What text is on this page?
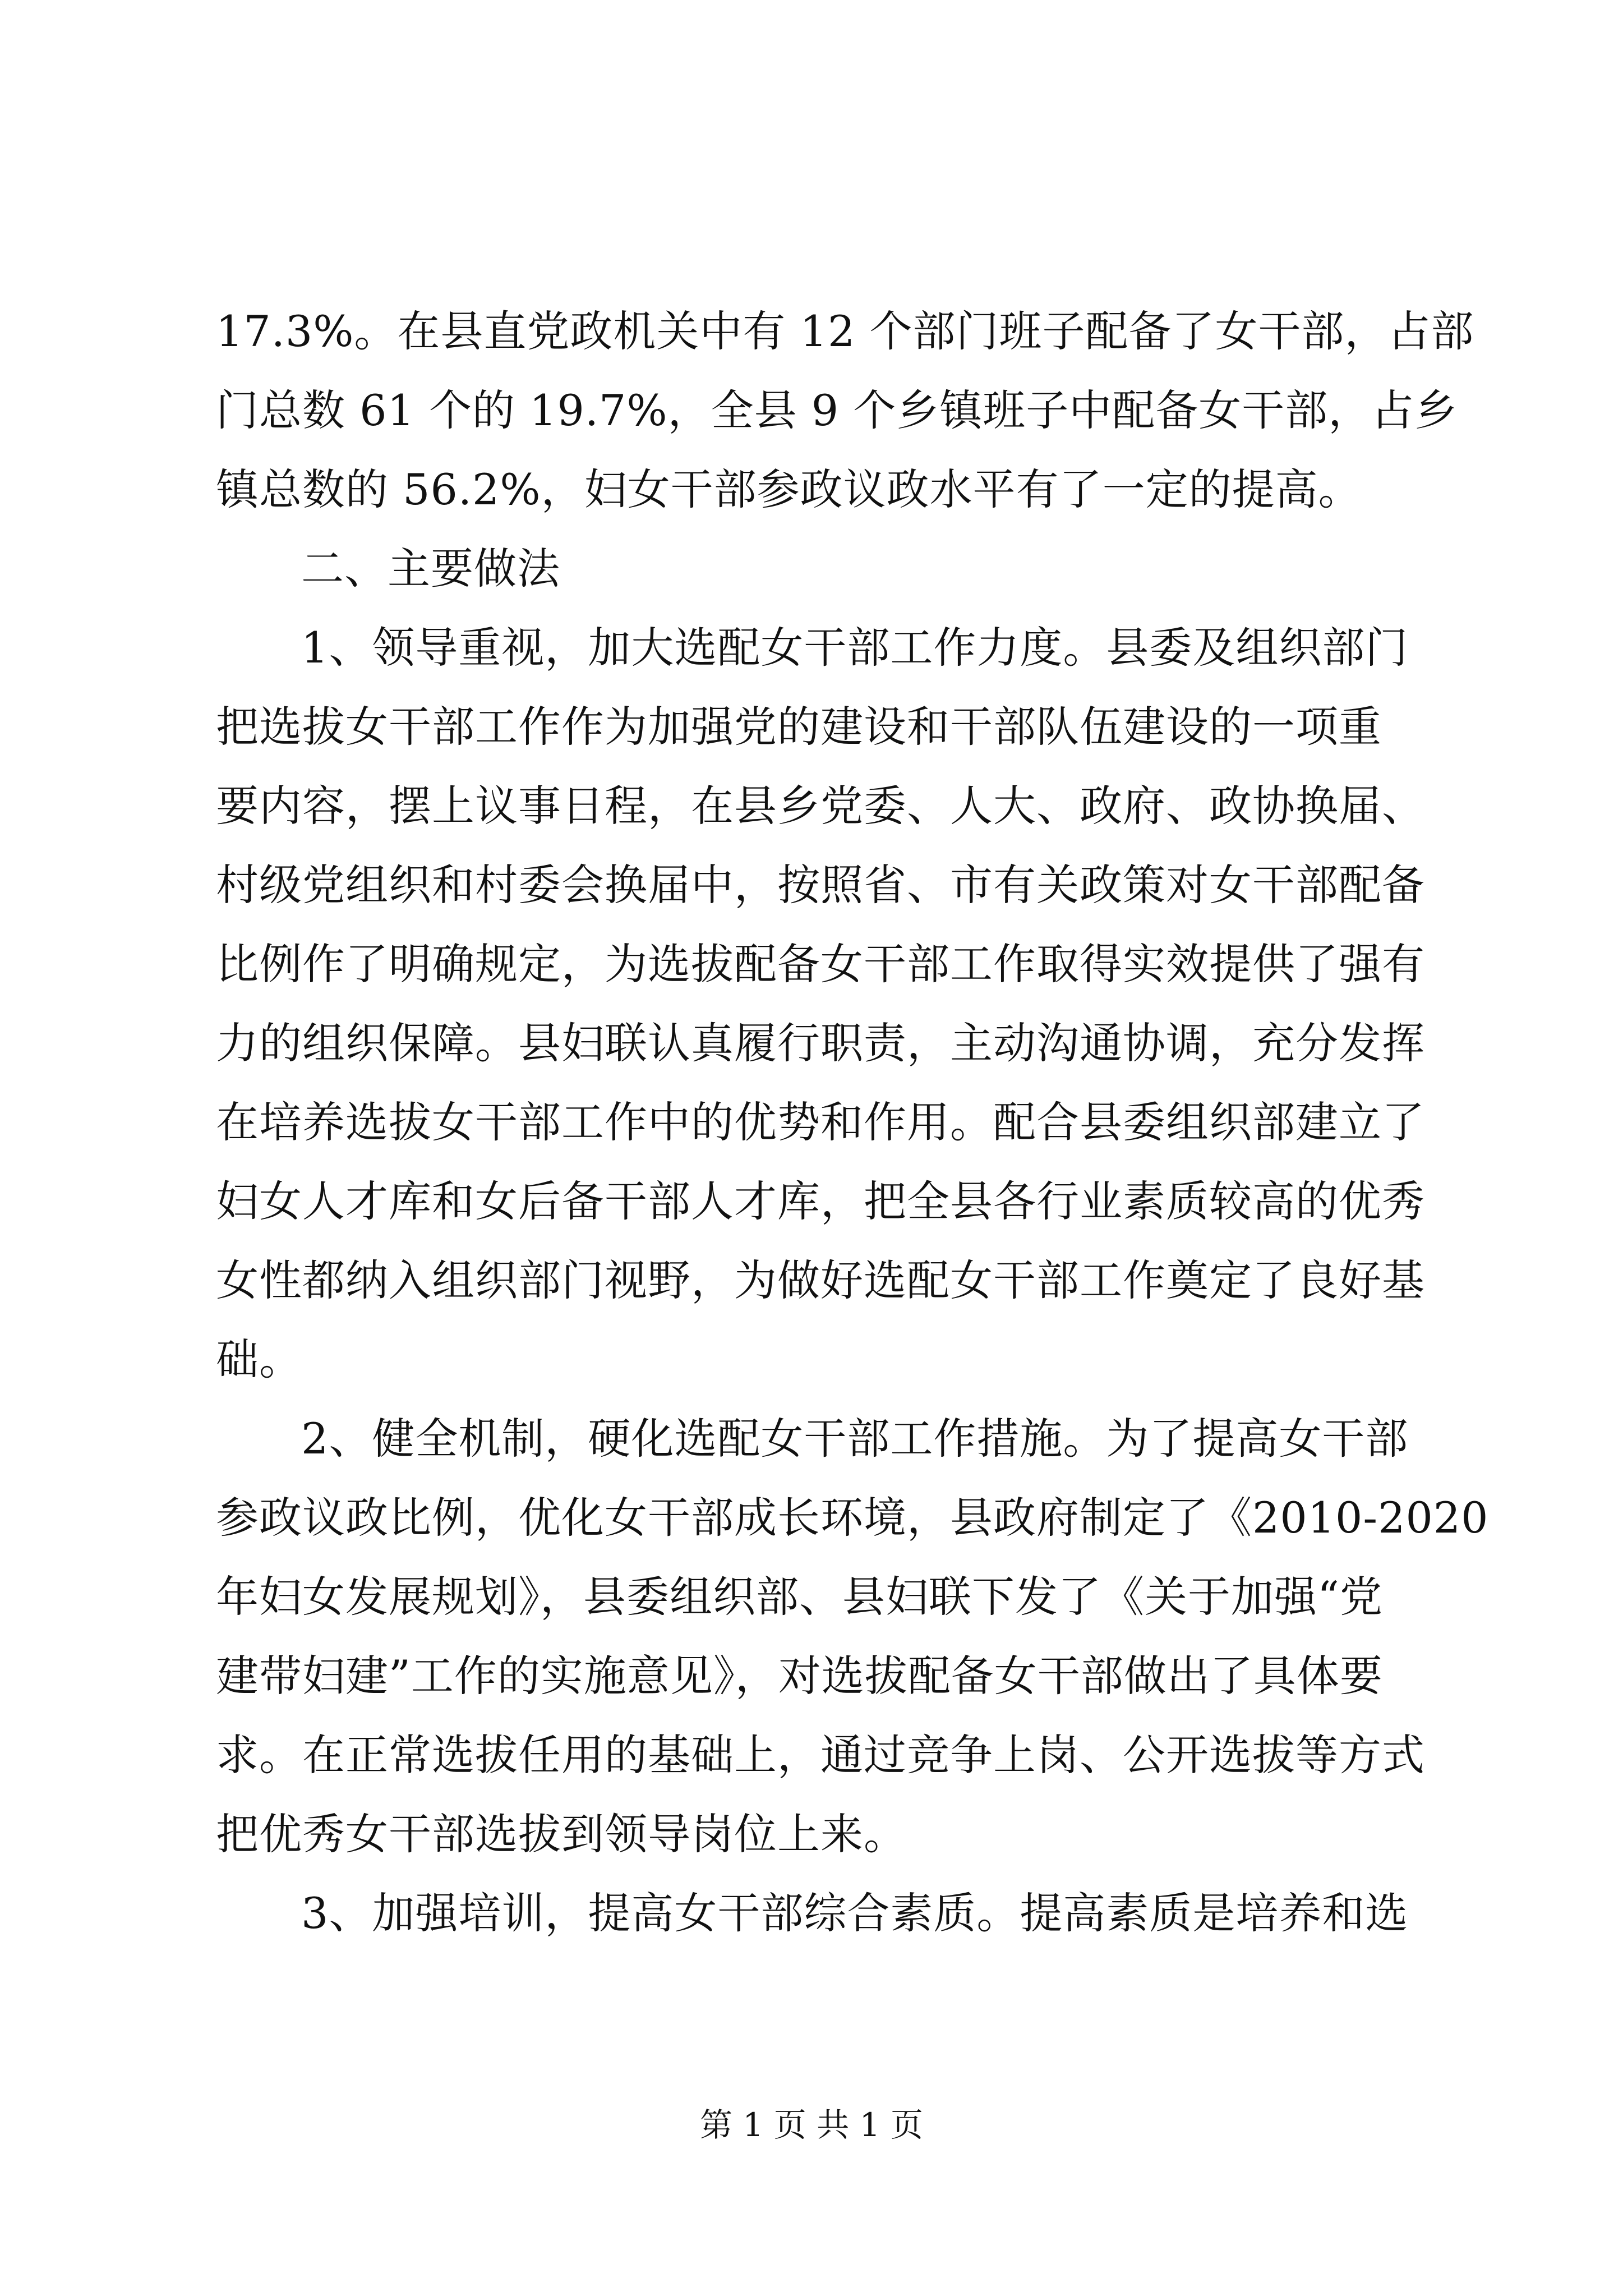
17.3%。在县直党政机关中有 12 个部门班子配备了女干部，占部
门总数 61 个的 19.7%，全县 9 个乡镇班子中配备女干部，占乡
镇总数的 56.2%，妇女干部参政议政水平有了一定的提高。
二、主要做法
1、领导重视，加大选配女干部工作力度。县委及组织部门
把选拔女干部工作作为加强党的建设和干部队伍建设的一项重
要内容，摆上议事日程，在县乡党委、人大、政府、政协换届、
村级党组织和村委会换届中，按照省、市有关政策对女干部配备
比例作了明确规定，为选拔配备女干部工作取得实效提供了强有
力的组织保障。县妇联认真履行职责，主动沟通协调，充分发挥
在培养选拔女干部工作中的优势和作用。配合县委组织部建立了
妇女人才库和女后备干部人才库，把全县各行业素质较高的优秀
女性都纳入组织部门视野，为做好选配女干部工作奠定了良好基
础。
2、健全机制，硬化选配女干部工作措施。为了提高女干部
参政议政比例，优化女干部成长环境，县政府制定了《2010-2020
年妇女发展规划》，县委组织部、县妇联下发了《关于加强“党
建带妇建”工作的实施意见》，对选拔配备女干部做出了具体要
求。在正常选拔任用的基础上，通过竞争上岗、公开选拔等方式
把优秀女干部选拔到领导岗位上来。
3、加强培训，提高女干部综合素质。提高素质是培养和选
第 1 页 共 1 页
